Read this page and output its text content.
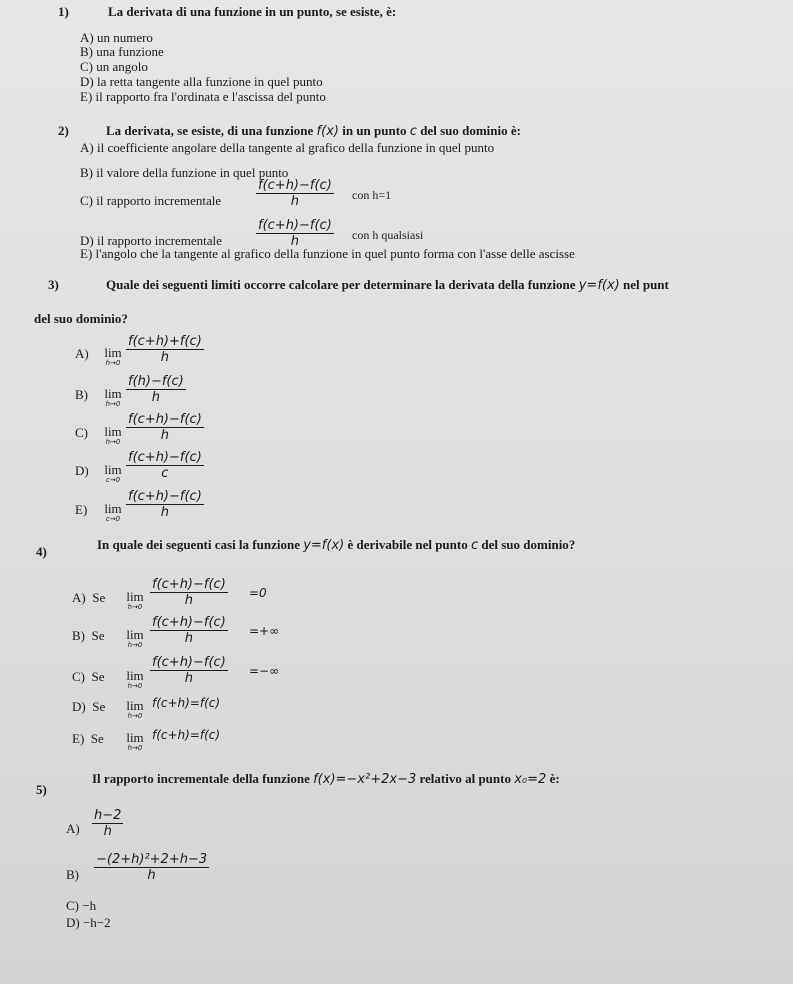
1)	La derivata di una funzione in un punto, se esiste, è:
A) un numero
B) una funzione
C) un angolo
D) la retta tangente alla funzione in quel punto
E) il rapporto fra l'ordinata e l'ascissa del punto
2)	La derivata, se esiste, di una funzione f(x) in un punto c del suo dominio è:
A) il coefficiente angolare della tangente al grafico della funzione in quel punto
B) il valore della funzione in quel punto
C) il rapporto incrementale	$\frac{f(c+h)-f(c)}{h}$ con h=1
D) il rapporto incrementale	$\frac{f(c+h)-f(c)}{h}$ con h qualsiasi
E) l'angolo che la tangente al grafico della funzione in quel punto forma con l'asse delle ascisse
3)	Quale dei seguenti limiti occorre calcolare per determinare la derivata della funzione y=f(x) nel punt
del suo dominio?
A)	lim
$h\to 0 \frac{f(c+h)+f(c)}{h}$
B)	lim
$h\to 0 \frac{f(h)-f(c)}{h}$
C)	lim
$h\to 0 \frac{f(c+h)-f(c)}{h}$
D)	lim
$c\to 0 \frac{f(c+h)-f(c)}{c}$
E)	lim
$c\to 0 \frac{f(c+h)-f(c)}{h}$
4)	In quale dei seguenti casi la funzione y=f(x) è derivabile nel punto c del suo dominio?
A) Se	lim
$h\to 0 \frac{f(c+h)-f(c)}{h} =0$
B) Se	lim
$h\to 0 \frac{f(c+h)-f(c)}{h}$ =+∞
C) Se	lim
$h\to 0 \frac{f(c+h)-f(c)}{h}$ =−∞
D) Se	lim
h→0
f(c+h)=f(c)
E) Se	lim
h→0
f(c+h)=f(c)
5)
Il rapporto incrementale della funzione f(x)=−x²+2x−3 relativo al punto x₀=2 è:
$A) \frac{h-2}{h}$
$B) \frac{\text{−(2+h)²+2+h−3}}{h}$
C) −h
D) −h−2
